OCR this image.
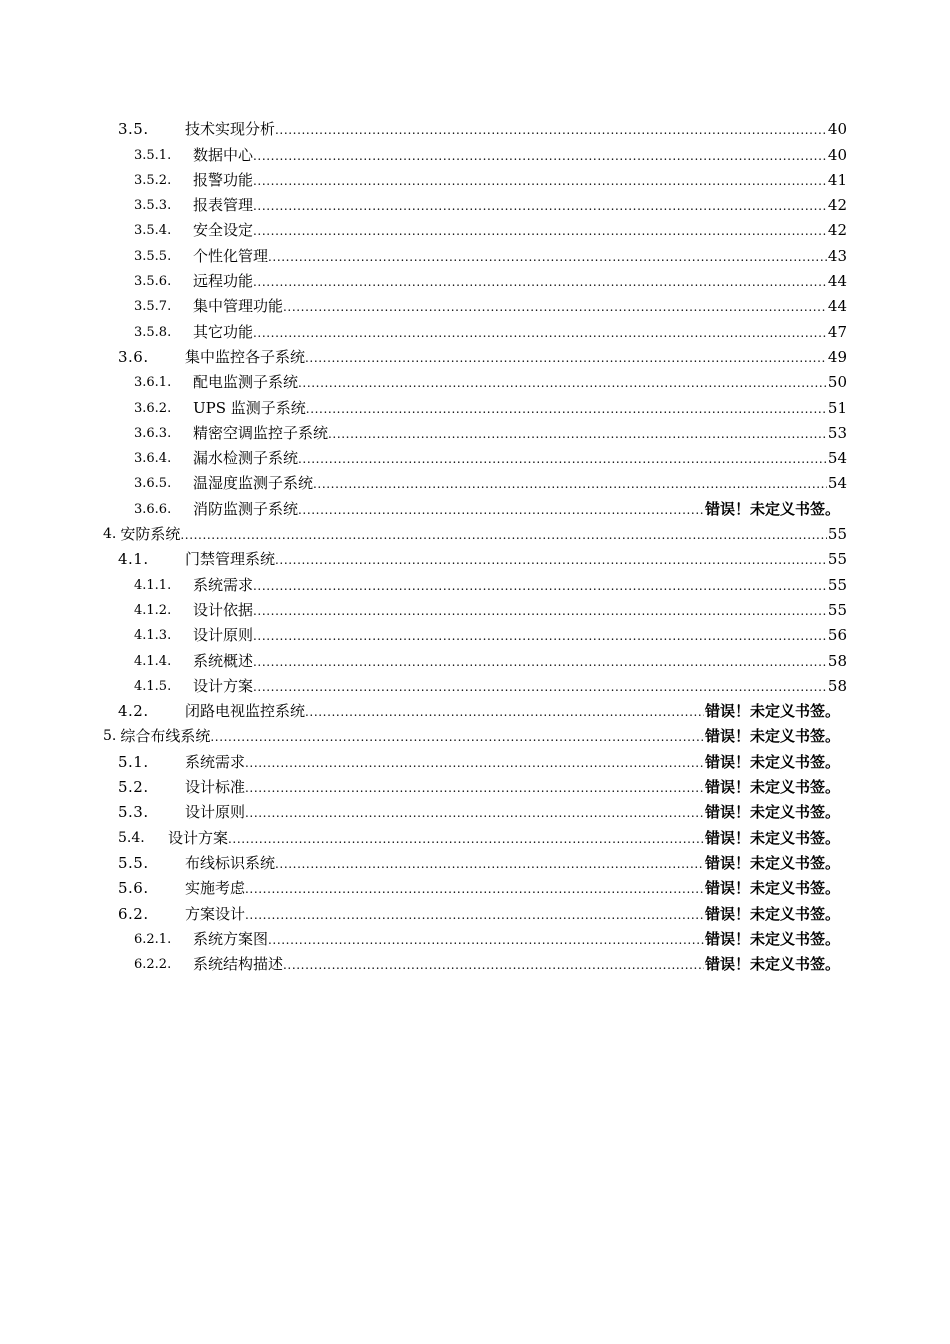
3.5.	技术实现分析 .....	40
3.5.1.	数据中心 .....	40
3.5.2.	报警功能 .....	41
3.5.3.	报表管理 .....	42
3.5.4.	安全设定 .....	42
3.5.5.	个性化管理 .....	43
3.5.6.	远程功能 .....	44
3.5.7.	集中管理功能 .....	44
3.5.8.	其它功能 .....	47
3.6.	集中监控各子系统 .....	49
3.6.1.	配电监测子系统 .....	50
3.6.2.	UPS 监测子系统 .....	51
3.6.3.	精密空调监控子系统 .....	53
3.6.4.	漏水检测子系统 .....	54
3.6.5.	温湿度监测子系统 .....	54
3.6.6.	消防监测子系统 .....	错误！未定义书签。
4. 安防系统 .....	55
4.1.	门禁管理系统 .....	55
4.1.1.	系统需求 .....	55
4.1.2.	设计依据 .....	55
4.1.3.	设计原则 .....	56
4.1.4.	系统概述 .....	58
4.1.5.	设计方案 .....	58
4.2.	闭路电视监控系统 .....	错误！未定义书签。
5. 综合布线系统 .....	错误！未定义书签。
5.1.	系统需求 .....	错误！未定义书签。
5.2.	设计标准 .....	错误！未定义书签。
5.3.	设计原则 .....	错误！未定义书签。
5.4.	设计方案 .....	错误！未定义书签。
5.5.	布线标识系统 .....	错误！未定义书签。
5.6.	实施考虑 .....	错误！未定义书签。
6.2.	方案设计 .....	错误！未定义书签。
6.2.1.	系统方案图 .....	错误！未定义书签。
6.2.2.	系统结构描述 .....	错误！未定义书签。
